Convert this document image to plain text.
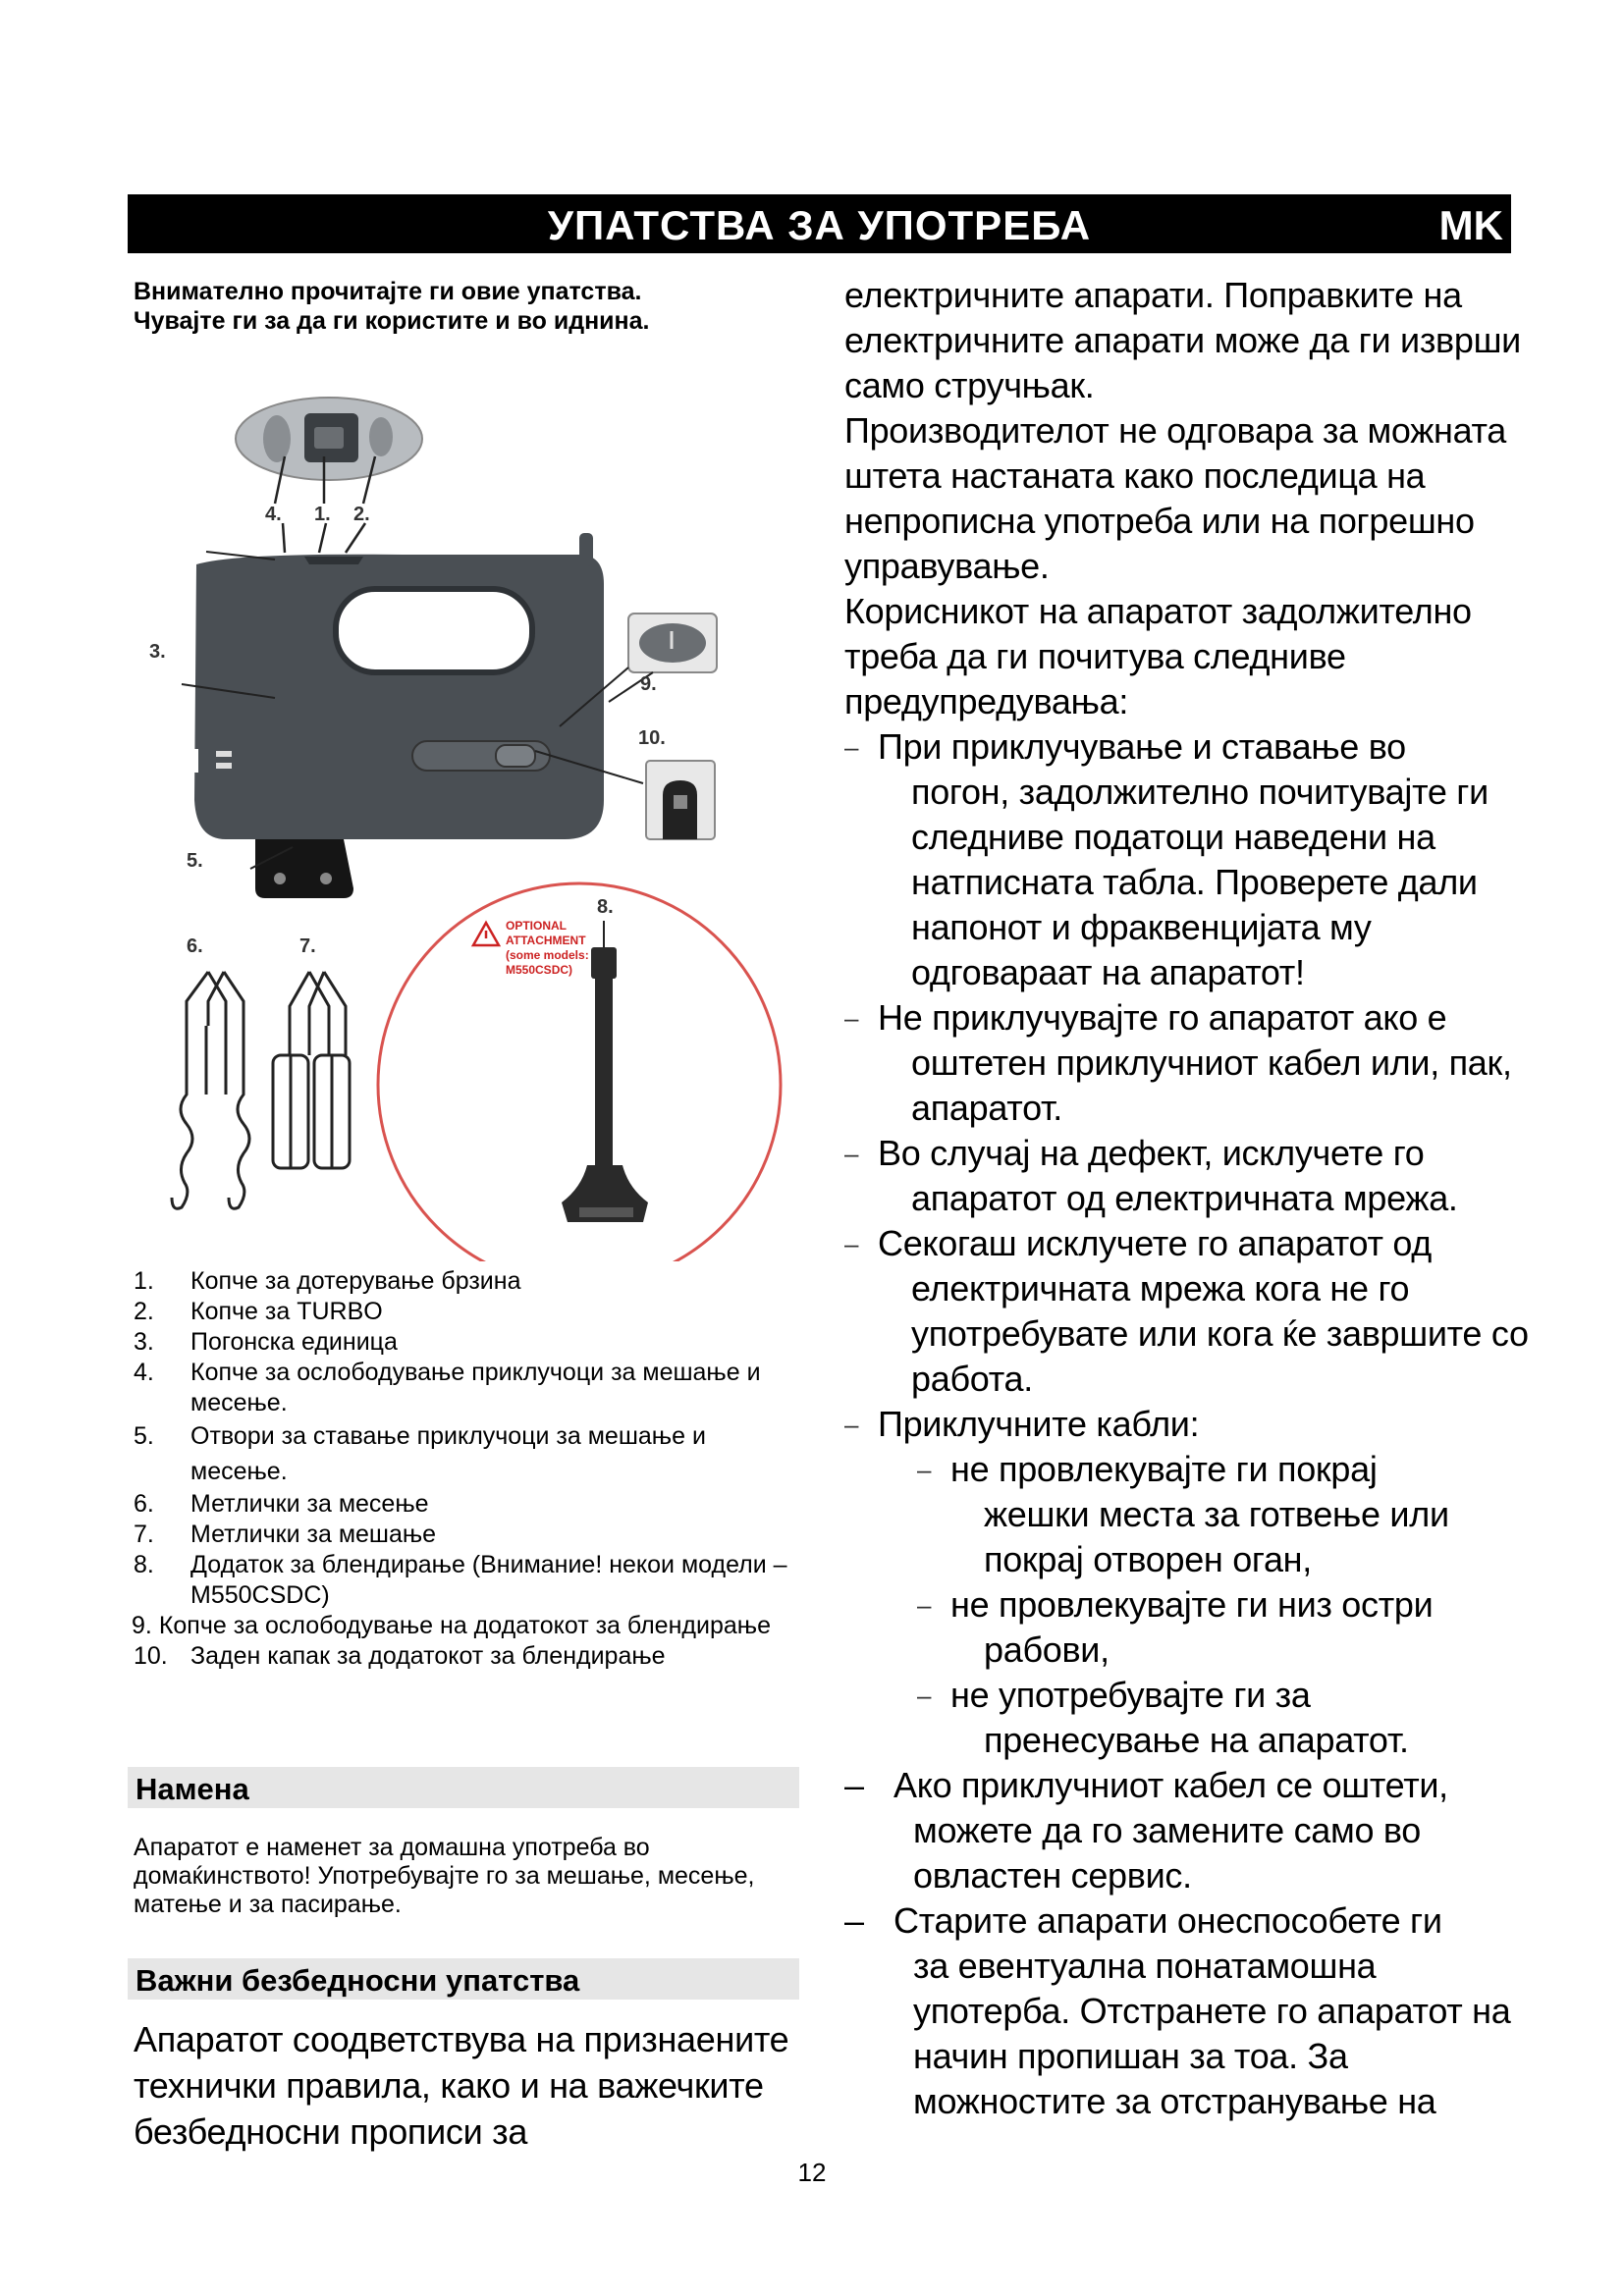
УПАТСТВА ЗА УПОТРЕБА	MK
Внимателно прочитајте ги овие упатства.
Чувајте ги за да ги користите и во иднина.
4. 1. 2.
3.
9.
10.
5.
6.	7.
8.
OPTIONAL
ATTACHMENT
(some models:
M550CSDC)
1. Копче за дотерување брзина
2. Копче за TURBO
3. Погонска единица
4. Копче за ослободување приклучоци за мешање и месење.
5. Отвори за ставање приклучоци за мешање и месење.
6. Метлички за месење
7. Метлички за мешање
8. Додаток за блендирање (Внимание! некои модели – M550CSDC)
9. Копче за ослободување на додатокот за блендирање
10. Заден капак за додатокот за блендирање
Намена
Апаратот е наменет за домашна употреба во домаќинството! Употребувајте го за мешање, месење, матење и за пасирање.
Важни безбедносни упатства
Апаратот соодветствува на признаените технички правила, како и на важечките безбедносни прописи за

електричните апарати. Поправките на електричните апарати може да ги изврши само стручњак.

Производителот не одговара за можната штета настаната како последица на непрописна употреба или на погрешно управување.

Корисникот на апаратот задолжително треба да ги почитува следниве предупредувања:

– При приклучување и ставање во
погон, задолжително почитувајте ги следниве податоци наведени на натписната табла. Проверете дали напонот и фраквенцијата му одговараат на апаратот!
– Не приклучувајте го апаратот ако е
оштетен приклучниот кабел или, пак, апаратот.
– Во случај на дефект, исклучете го
апаратот од електричната мрежа.
– Секогаш исклучете го апаратот од
електричната мрежа кога не го употребувате или кога ќе завршите со работа.
– Приклучните кабли:
– не провлекувајте ги покрај
жешки места за готвење или покрај отворен оган,
– не провлекувајте ги низ остри
рабови,
– не употребувајте ги за
пренесување на апаратот.
– Ако приклучниот кабел се оштети,
можете да го замените само во овластен сервис.
– Старите апарати онеспособете ги
за евентуална понатамошна употерба. Отстранете го апаратот на начин пропишан за тоа. За можностите за отстранување на
12
